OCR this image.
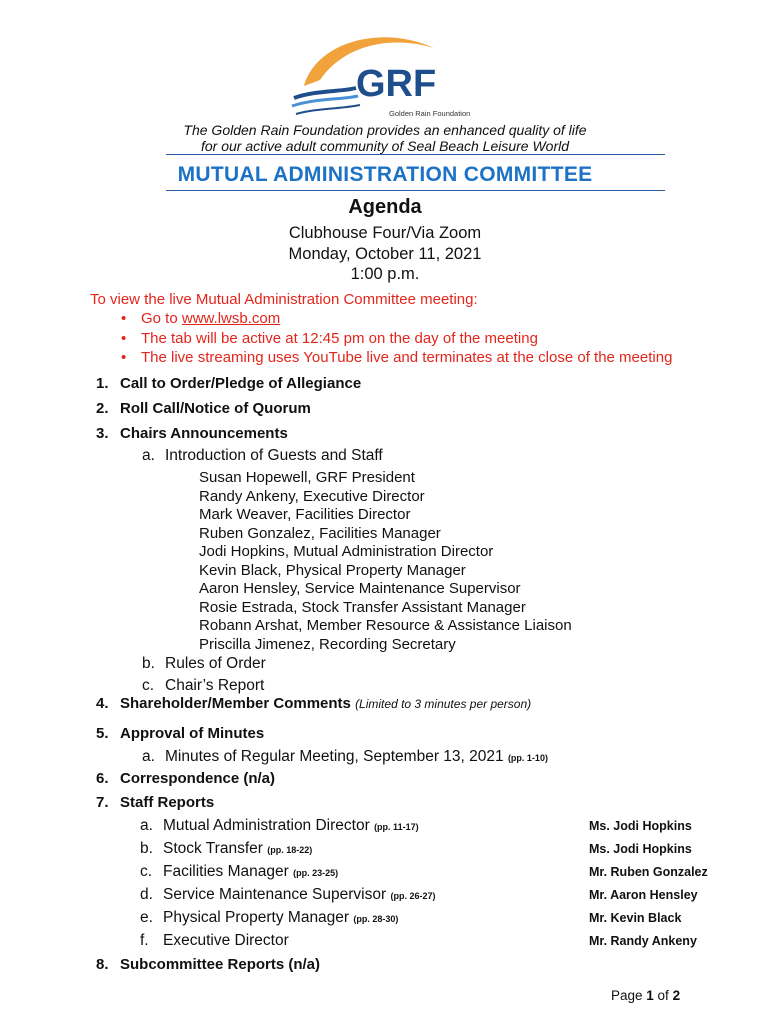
GRF
Golden Rain Foundation
The Golden Rain Foundation provides an enhanced quality of life
for our active adult community of Seal Beach Leisure World
MUTUAL ADMINISTRATION COMMITTEE
Agenda
Clubhouse Four/Via Zoom
Monday, October 11, 2021
1:00 p.m.
To view the live Mutual Administration Committee meeting:
• Go to www.lwsb.com
• The tab will be active at 12:45 pm on the day of the meeting
• The live streaming uses YouTube live and terminates at the close of the meeting
1. Call to Order/Pledge of Allegiance
2. Roll Call/Notice of Quorum
3. Chairs Announcements
a. Introduction of Guests and Staff
Susan Hopewell, GRF President
Randy Ankeny, Executive Director
Mark Weaver, Facilities Director
Ruben Gonzalez, Facilities Manager
Jodi Hopkins, Mutual Administration Director
Kevin Black, Physical Property Manager
Aaron Hensley, Service Maintenance Supervisor
Rosie Estrada, Stock Transfer Assistant Manager
Robann Arshat, Member Resource & Assistance Liaison
Priscilla Jimenez, Recording Secretary
b. Rules of Order
c. Chair’s Report
4. Shareholder/Member Comments (Limited to 3 minutes per person)
5. Approval of Minutes
a. Minutes of Regular Meeting, September 13, 2021 (pp. 1-10)
6. Correspondence (n/a)
7. Staff Reports
a. Mutual Administration Director (pp. 11-17)	Ms. Jodi Hopkins
b. Stock Transfer (pp. 18-22)	Ms. Jodi Hopkins
c. Facilities Manager (pp. 23-25)	Mr. Ruben Gonzalez
d. Service Maintenance Supervisor (pp. 26-27)	Mr. Aaron Hensley
e. Physical Property Manager (pp. 28-30)	Mr. Kevin Black
f. Executive Director	Mr. Randy Ankeny
8. Subcommittee Reports (n/a)
Page 1 of 2
